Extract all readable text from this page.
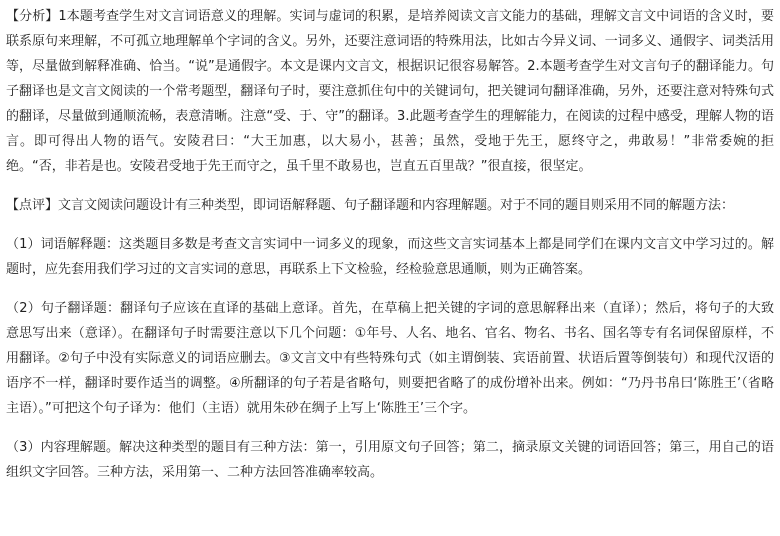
【分析】1本题考查学生对文言词语意义的理解。实词与虚词的积累，是培养阅读文言文能力的基础，理解文言文中词语的含义时，要联系原句来理解，不可孤立地理解单个字词的含义。另外，还要注意词语的特殊用法，比如古今异义词、一词多义、通假字、词类活用等，尽量做到解释准确、恰当。“说”是通假字。本文是课内文言文，根据识记很容易解答。2.本题考查学生对文言句子的翻译能力。句子翻译也是文言文阅读的一个常考题型，翻译句子时，要注意抓住句中的关键词句，把关键词句翻译准确，另外，还要注意对特殊句式的翻译，尽量做到通顺流畅，表意清晰。注意“受、于、守”的翻译。3.此题考查学生的理解能力，在阅读的过程中感受，理解人物的语言。即可得出人物的语气。安陵君曰：“大王加惠，以大易小，甚善；虽然，受地于先王，愿终守之，弗敢易！”非常委婉的拒绝。“否，非若是也。安陵君受地于先王而守之，虽千里不敢易也，岂直五百里哉？”很直接，很坚定。

【点评】文言文阅读问题设计有三种类型，即词语解释题、句子翻译题和内容理解题。对于不同的题目则采用不同的解题方法：

（1）词语解释题：这类题目多数是考查文言实词中一词多义的现象，而这些文言实词基本上都是同学们在课内文言文中学习过的。解题时，应先套用我们学习过的文言实词的意思，再联系上下文检验，经检验意思通顺，则为正确答案。

（2）句子翻译题：翻译句子应该在直译的基础上意译。首先，在草稿上把关键的字词的意思解释出来（直译）；然后，将句子的大致意思写出来（意译）。在翻译句子时需要注意以下几个问题：①年号、人名、地名、官名、物名、书名、国名等专有名词保留原样，不用翻译。②句子中没有实际意义的词语应删去。③文言文中有些特殊句式（如主谓倒装、宾语前置、状语后置等倒装句）和现代汉语的语序不一样，翻译时要作适当的调整。④所翻译的句子若是省略句，则要把省略了的成份增补出来。例如：“乃丹书帛曰‘陈胜王’（省略主语）。”可把这个句子译为：他们（主语）就用朱砂在绸子上写上‘陈胜王’三个字。

（3）内容理解题。解决这种类型的题目有三种方法：第一，引用原文句子回答；第二，摘录原文关键的词语回答；第三，用自己的语组织文字回答。三种方法，采用第一、二种方法回答准确率较高。
